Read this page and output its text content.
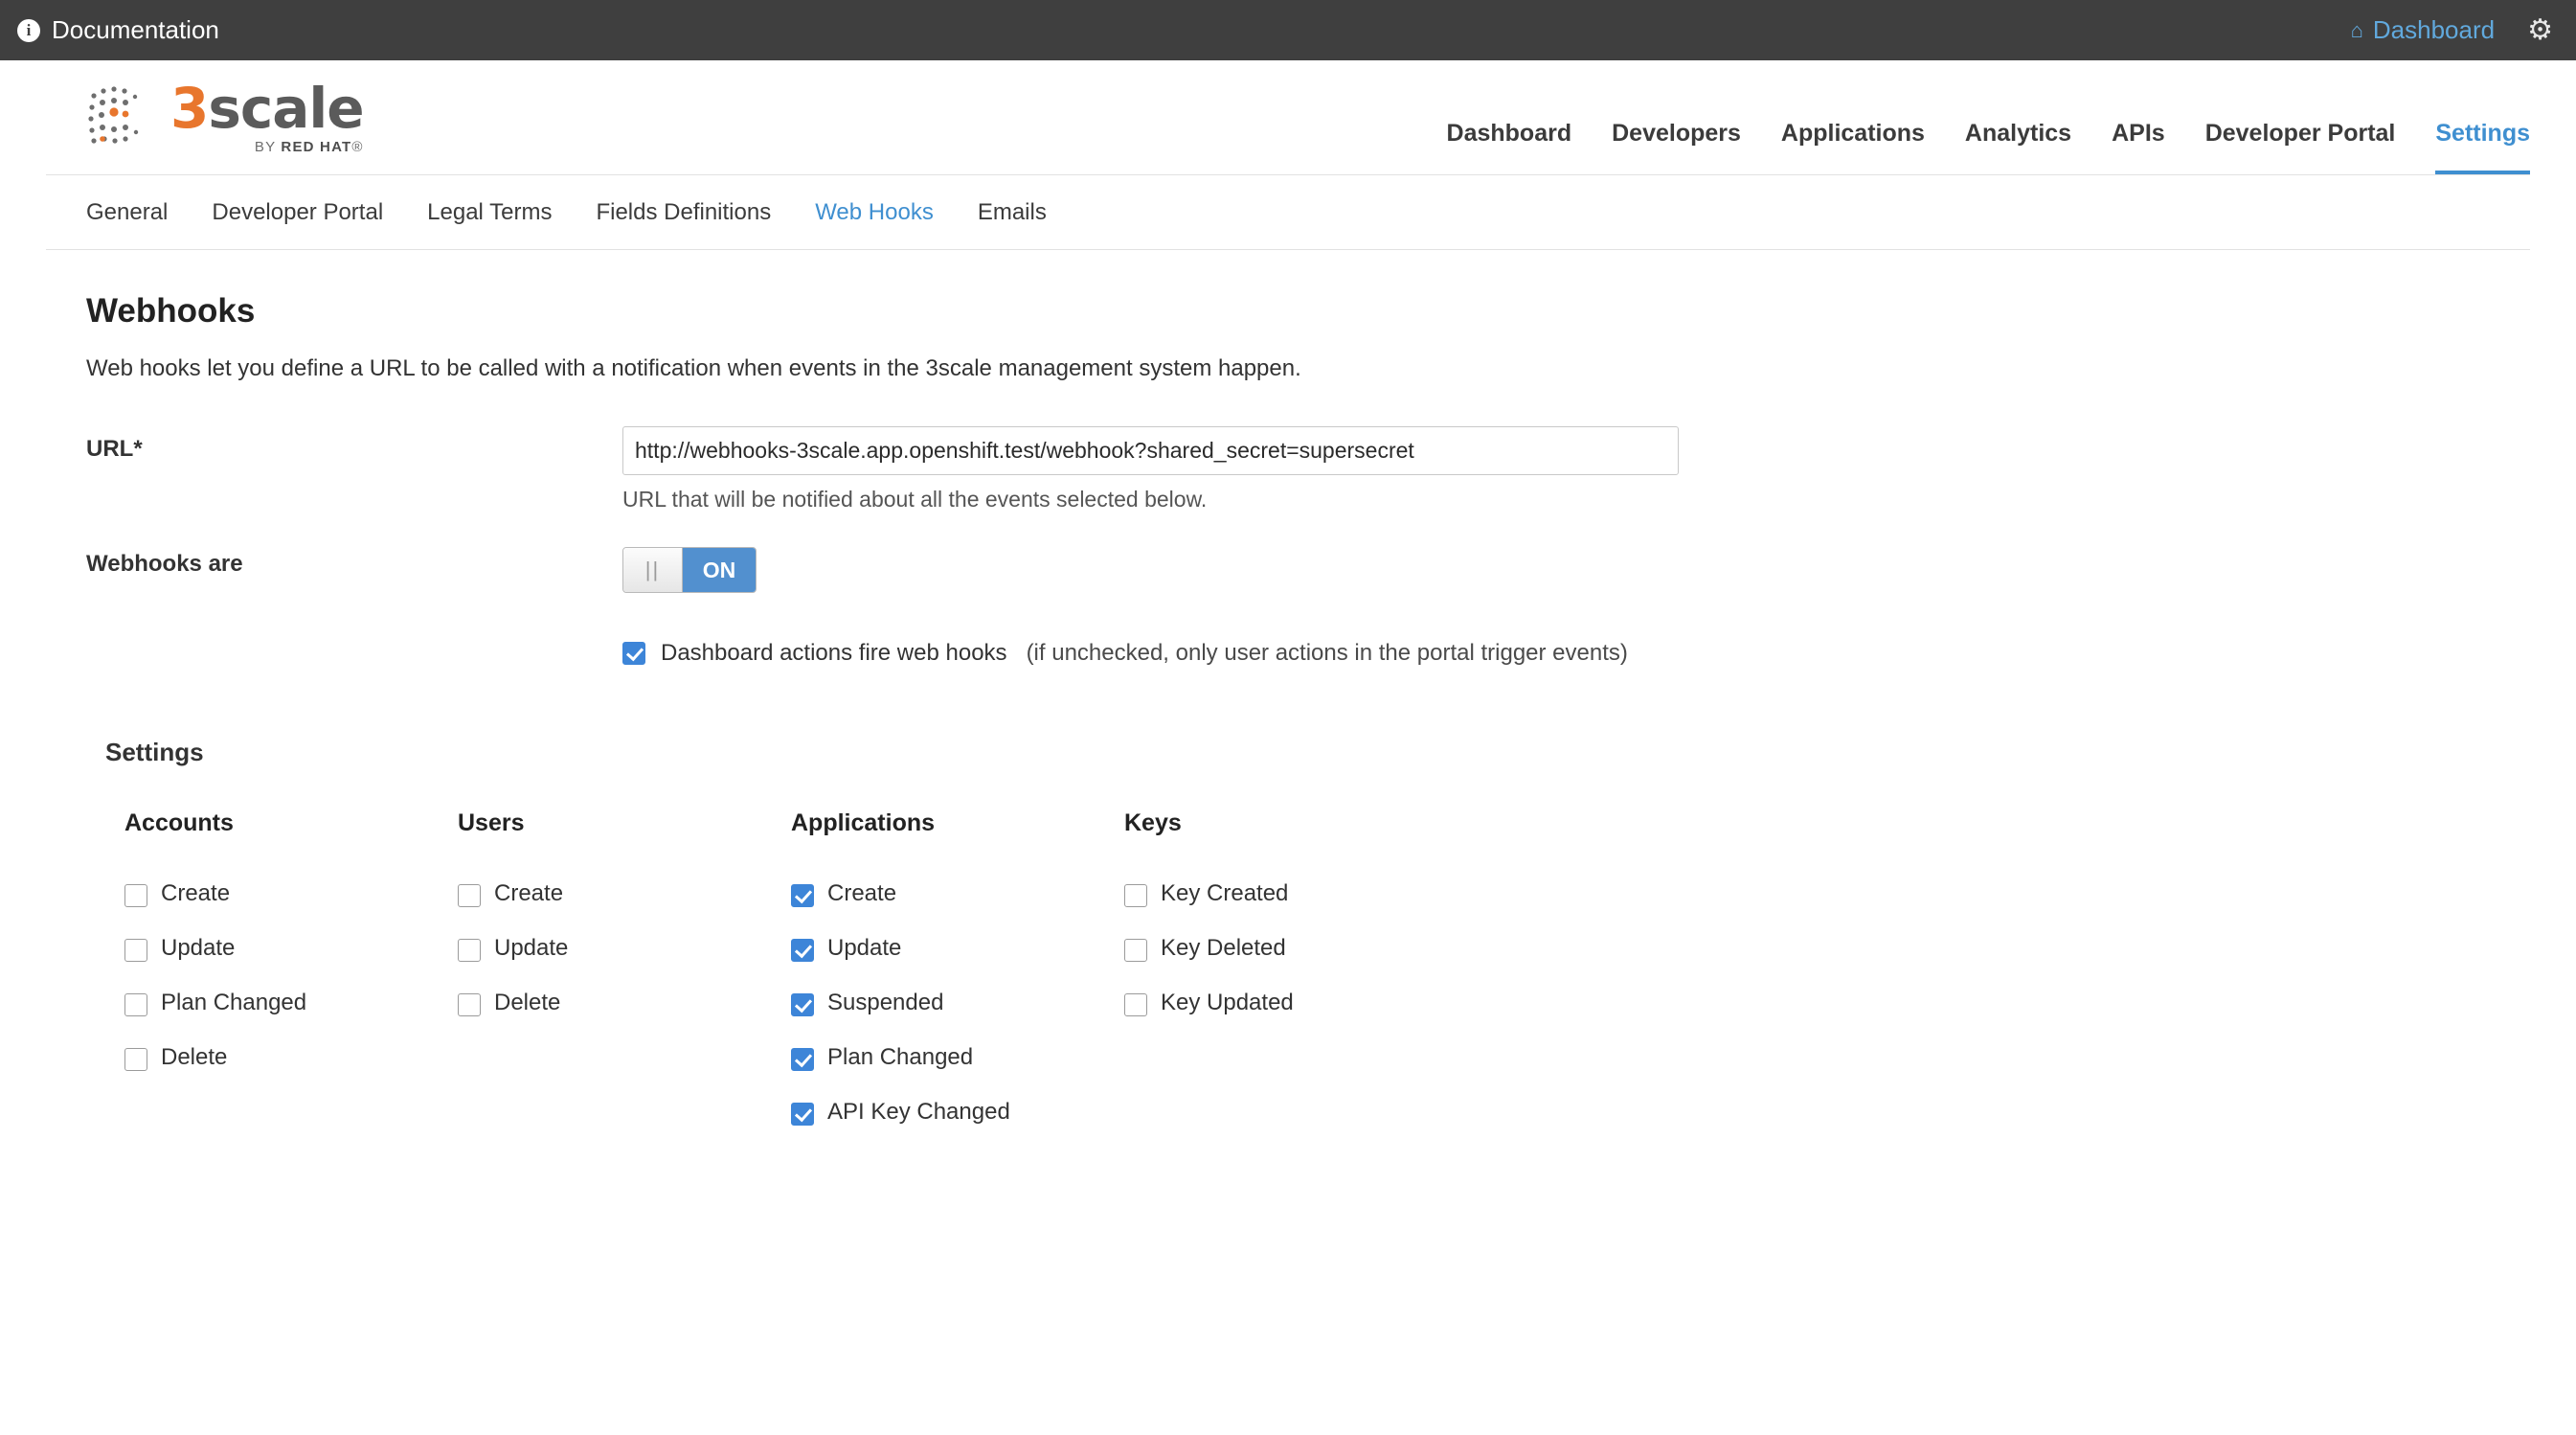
i Documentation	⌂ Dashboard ⚙
3scale
BY RED HAT®
Dashboard Developers Applications Analytics APIs Developer Portal Settings
General Developer Portal Legal Terms Fields Definitions Web Hooks Emails
Webhooks
Web hooks let you define a URL to be called with a notification when events in the 3scale management system happen.
URL*
http://webhooks-3scale.app.openshift.test/webhook?shared_secret=supersecret
URL that will be notified about all the events selected below.
Webhooks are	||	ON
Dashboard actions fire web hooks (if unchecked, only user actions in the portal trigger events)
Settings
Accounts
Create
Update
Plan Changed
Delete
Users
Create
Update
Delete
Applications
Create
Update
Suspended
Plan Changed
API Key Changed
Keys
Key Created
Key Deleted
Key Updated
